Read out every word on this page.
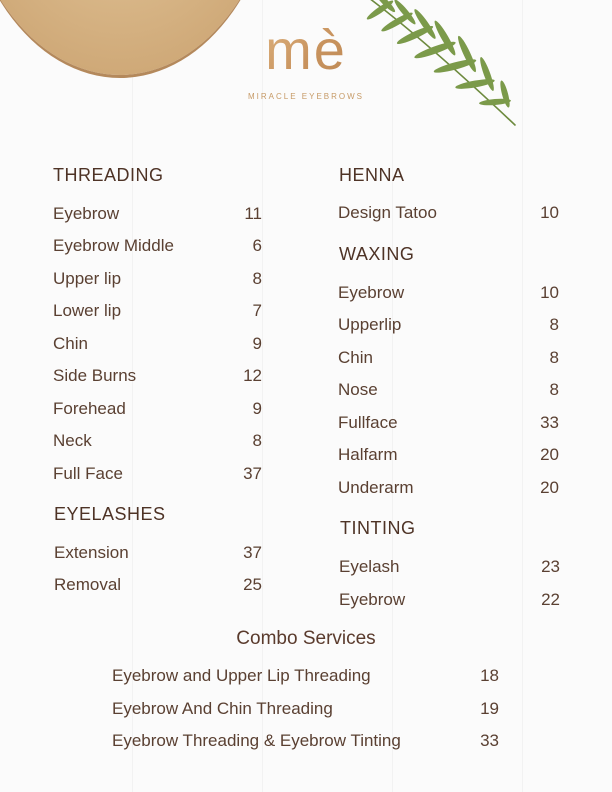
mè
MIRACLE EYEBROWS
THREADING
Eyebrow	11
Eyebrow Middle	6
Upper lip	8
Lower lip	7
Chin	9
Side Burns	12
Forehead	9
Neck	8
Full Face	37
EYELASHES
Extension	37
Removal	25
HENNA
Design Tatoo	10
WAXING
Eyebrow	10
Upperlip	8
Chin	8
Nose	8
Fullface	33
Halfarm	20
Underarm	20
TINTING
Eyelash	23
Eyebrow	22
Combo Services
Eyebrow and Upper Lip Threading	18
Eyebrow And Chin Threading	19
Eyebrow Threading & Eyebrow Tinting	33
